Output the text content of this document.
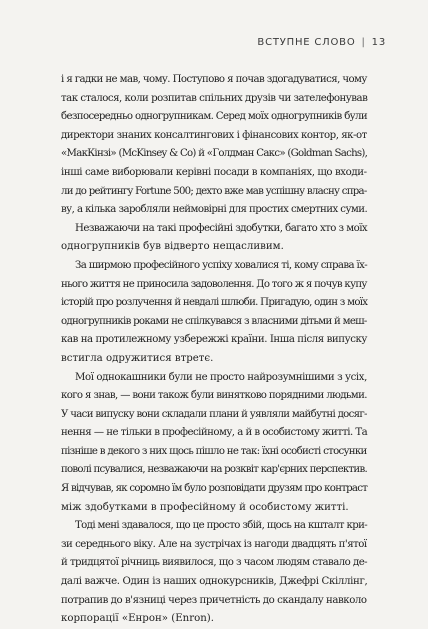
ВСТУПНЕ СЛОВО | 13
і я гадки не мав, чому. Поступово я почав здогадуватися, чому
так сталося, коли розпитав спільних друзів чи зателефонував
безпосередньо одногрупникам. Серед моїх одногрупників були
директори знаних консалтингових і фінансових контор, як-от
«МакКінзі» (McKinsey & Co) й «Голдман Сакс» (Goldman Sachs),
інші саме виборювали керівні посади в компаніях, що входи-
ли до рейтингу Fortune 500; дехто вже мав успішну власну спра-
ву, а кілька заробляли неймовірні для простих смертних суми.
Незважаючи на такі професійні здобутки, багато хто з моїх
одногрупників був відверто нещасливим.
За ширмою професійного успіху ховалися ті, кому справа їх-
нього життя не приносила задоволення. До того ж я почув купу
історій про розлучення й невдалі шлюби. Пригадую, один з моїх
одногрупників роками не спілкувався з власними дітьми й меш-
кав на протилежному узбережжі країни. Інша після випуску
встигла одружитися втретє.
Мої однокашники були не просто найрозумнішими з усіх,
кого я знав, — вони також були винятково порядними людьми.
У часи випуску вони складали плани й уявляли майбутні досяг-
нення — не тільки в професійному, а й в особистому житті. Та
пізніше в декого з них щось пішло не так: їхні особисті стосунки
поволі псувалися, незважаючи на розквіт кар'єрних перспектив.
Я відчував, як соромно їм було розповідати друзям про контраст
між здобутками в професійному й особистому житті.
Тоді мені здавалося, що це просто збій, щось на кшталт кри-
зи середнього віку. Але на зустрічах із нагоди двадцять п'ятої
й тридцятої річниць виявилося, що з часом людям ставало де-
далі важче. Один із наших однокурсників, Джефрі Скіллінг,
потрапив до в'язниці через причетність до скандалу навколо
корпорації «Енрон» (Enron).
